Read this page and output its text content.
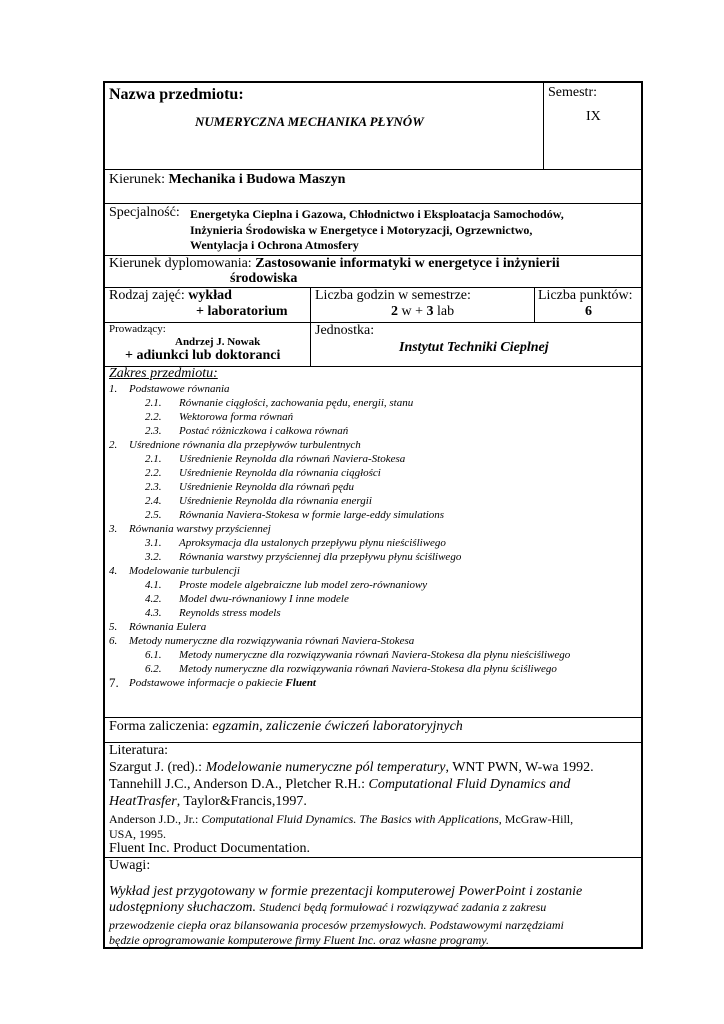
Nazwa przedmiotu:
NUMERYCZNA MECHANIKA PŁYNÓW
Semestr:
IX
Kierunek: Mechanika i Budowa Maszyn
Specjalność: Energetyka Cieplna i Gazowa, Chłodnictwo i Eksploatacja Samochodów,
Inżynieria Środowiska w Energetyce i Motoryzacji, Ogrzewnictwo,
Wentylacja i Ochrona Atmosfery
Kierunek dyplomowania: Zastosowanie informatyki w energetyce i inżynierii
środowiska
Rodzaj zajęć: wykład
+ laboratorium
Liczba godzin w semestrze:
2 w + 3 lab
Liczba punktów:
6
Prowadzący:
Andrzej J. Nowak
+ adiunkci lub doktoranci
Jednostka:
Instytut Techniki Cieplnej
Zakres przedmiotu:
1. Podstawowe równania
2.1. Równanie ciągłości, zachowania pędu, energii, stanu
2.2. Wektorowa forma równań
2.3. Postać różniczkowa i całkowa równań
2. Uśrednione równania dla przepływów turbulentnych
2.1. Uśrednienie Reynolda dla równań Naviera-Stokesa
2.2. Uśrednienie Reynolda dla równania ciągłości
2.3. Uśrednienie Reynolda dla równań pędu
2.4. Uśrednienie Reynolda dla równania energii
2.5. Równania Naviera-Stokesa w formie large-eddy simulations
3. Równania warstwy przyściennej
3.1. Aproksymacja dla ustalonych przepływu płynu nieściśliwego
3.2. Równania warstwy przyściennej dla przepływu płynu ściśliwego
4. Modelowanie turbulencji
4.1. Proste modele algebraiczne lub model zero-równaniowy
4.2. Model dwu-równaniowy I inne modele
4.3. Reynolds stress models
5. Równania Eulera
6. Metody numeryczne dla rozwiązywania równań Naviera-Stokesa
6.1. Metody numeryczne dla rozwiązywania równań Naviera-Stokesa dla płynu nieściśliwego
6.2. Metody numeryczne dla rozwiązywania równań Naviera-Stokesa dla płynu ściśliwego
7. Podstawowe informacje o pakiecie Fluent
Forma zaliczenia: egzamin, zaliczenie ćwiczeń laboratoryjnych
Literatura:
Szargut J. (red).: Modelowanie numeryczne pól temperatury, WNT PWN, W-wa 1992.
Tannehill J.C., Anderson D.A., Pletcher R.H.: Computational Fluid Dynamics and
HeatTrasfer, Taylor&Francis,1997.
Anderson J.D., Jr.: Computational Fluid Dynamics. The Basics with Applications, McGraw-Hill,
USA, 1995.
Fluent Inc. Product Documentation.
Uwagi:
Wykład jest przygotowany w formie prezentacji komputerowej PowerPoint i zostanie
udostępniony słuchaczom. Studenci będą formułować i rozwiązywać zadania z zakresu
przewodzenie ciepła oraz bilansowania procesów przemysłowych. Podstawowymi narzędziami
będzie oprogramowanie komputerowe firmy Fluent Inc. oraz własne programy.
